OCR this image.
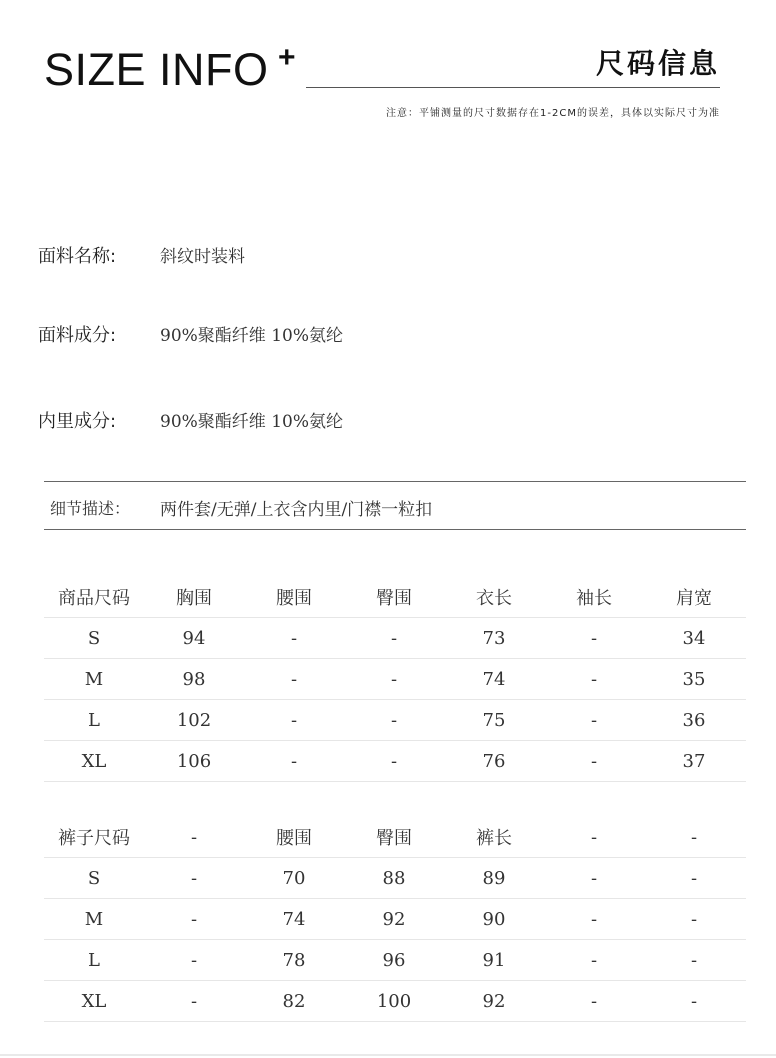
SIZE INFO +	尺码信息
注意：平铺测量的尺寸数据存在1-2CM的误差，具体以实际尺寸为准
面料名称:	斜纹时装料
面料成分:	90%聚酯纤维 10%氨纶
内里成分:	90%聚酯纤维 10%氨纶
细节描述： 两件套/无弹/上衣含内里/门襟一粒扣
商品尺码	胸围	腰围	臀围	衣长	袖长	肩宽
S	94	-	-	73	-	34
M	98	-	-	74	-	35
L	102	-	-	75	-	36
XL	106	-	-	76	-	37
裤子尺码	-	腰围	臀围	裤长	-	-
S	-	70	88	89	-	-
M	-	74	92	90	-	-
L	-	78	96	91	-	-
XL	-	82	100	92	-	-
